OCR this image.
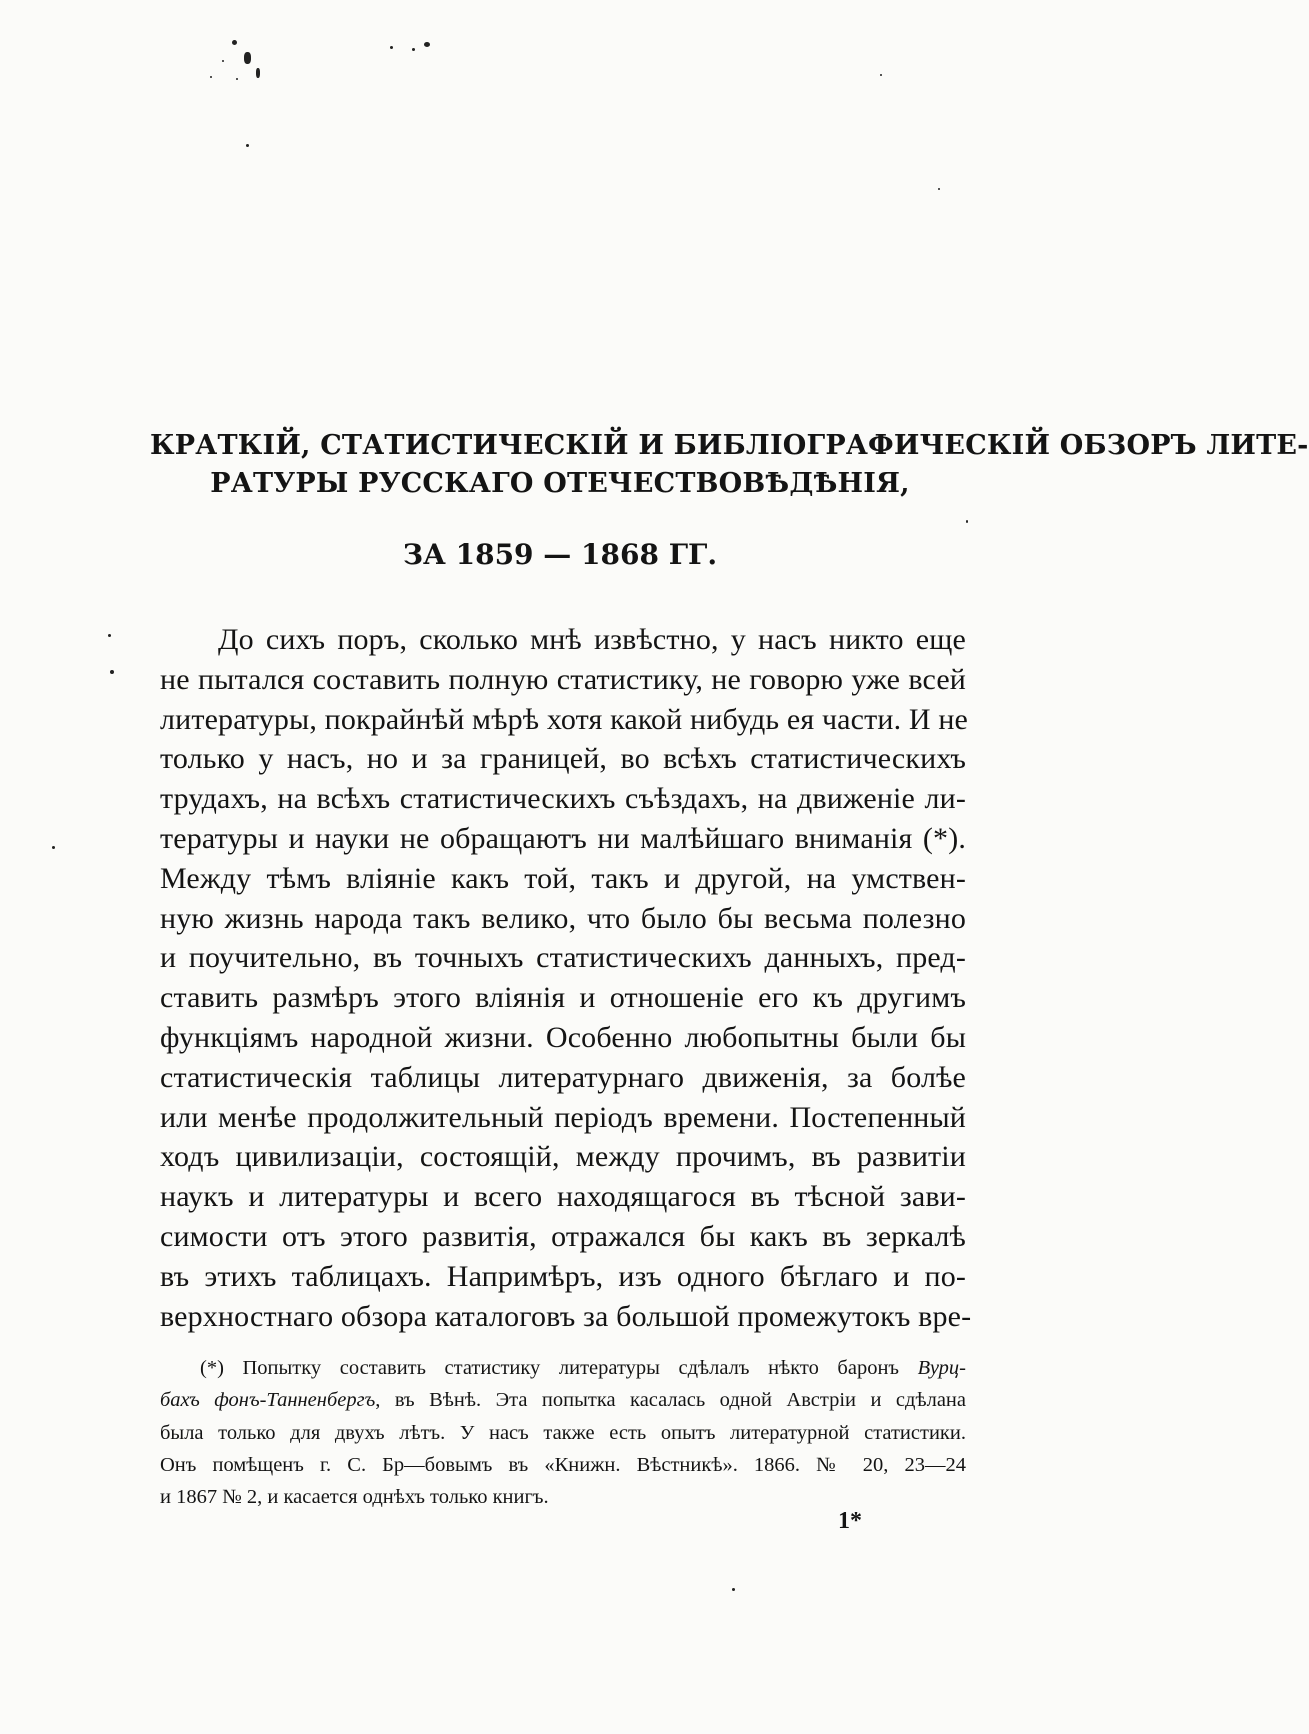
КРАТКІЙ, СТАТИСТИЧЕСКІЙ И БИБЛІОГРАФИЧЕСКІЙ ОБЗОРЪ ЛИТЕ-
РАТУРЫ РУССКАГО ОТЕЧЕСТВОВѢДѢНІЯ,
ЗА 1859 — 1868 ГГ.
До сихъ поръ, сколько мнѣ извѣстно, у насъ никто еще
не пытался составить полную статистику, не говорю уже всей
литературы, покрайнѣй мѣрѣ хотя какой нибудь ея части. И не
только у насъ, но и за границей, во всѣхъ статистическихъ
трудахъ, на всѣхъ статистическихъ съѣздахъ, на движеніе ли-
тературы и науки не обращаютъ ни малѣйшаго вниманія (*).
Между тѣмъ вліяніе какъ той, такъ и другой, на умствен-
ную жизнь народа такъ велико, что было бы весьма полезно
и поучительно, въ точныхъ статистическихъ данныхъ, пред-
ставить размѣръ этого вліянія и отношеніе его къ другимъ
функціямъ народной жизни. Особенно любопытны были бы
статистическія таблицы литературнаго движенія, за болѣе
или менѣе продолжительный періодъ времени. Постепенный
ходъ цивилизаціи, состоящій, между прочимъ, въ развитіи
наукъ и литературы и всего находящагося въ тѣсной зави-
симости отъ этого развитія, отражался бы какъ въ зеркалѣ
въ этихъ таблицахъ. Напримѣръ, изъ одного бѣглаго и по-
верхностнаго обзора каталоговъ за большой промежутокъ вре-
(*) Попытку составить статистику литературы сдѣлалъ нѣкто баронъ Вурц-
бахъ фонъ-Танненбергъ, въ Вѣнѣ. Эта попытка касалась одной Австріи и сдѣлана
была только для двухъ лѣтъ. У насъ также есть опытъ литературной статистики.
Онъ помѣщенъ г. С. Бр—бовымъ въ «Книжн. Вѣстникѣ». 1866. № 20, 23—24
и 1867 № 2, и касается однѣхъ только книгъ.
1*
